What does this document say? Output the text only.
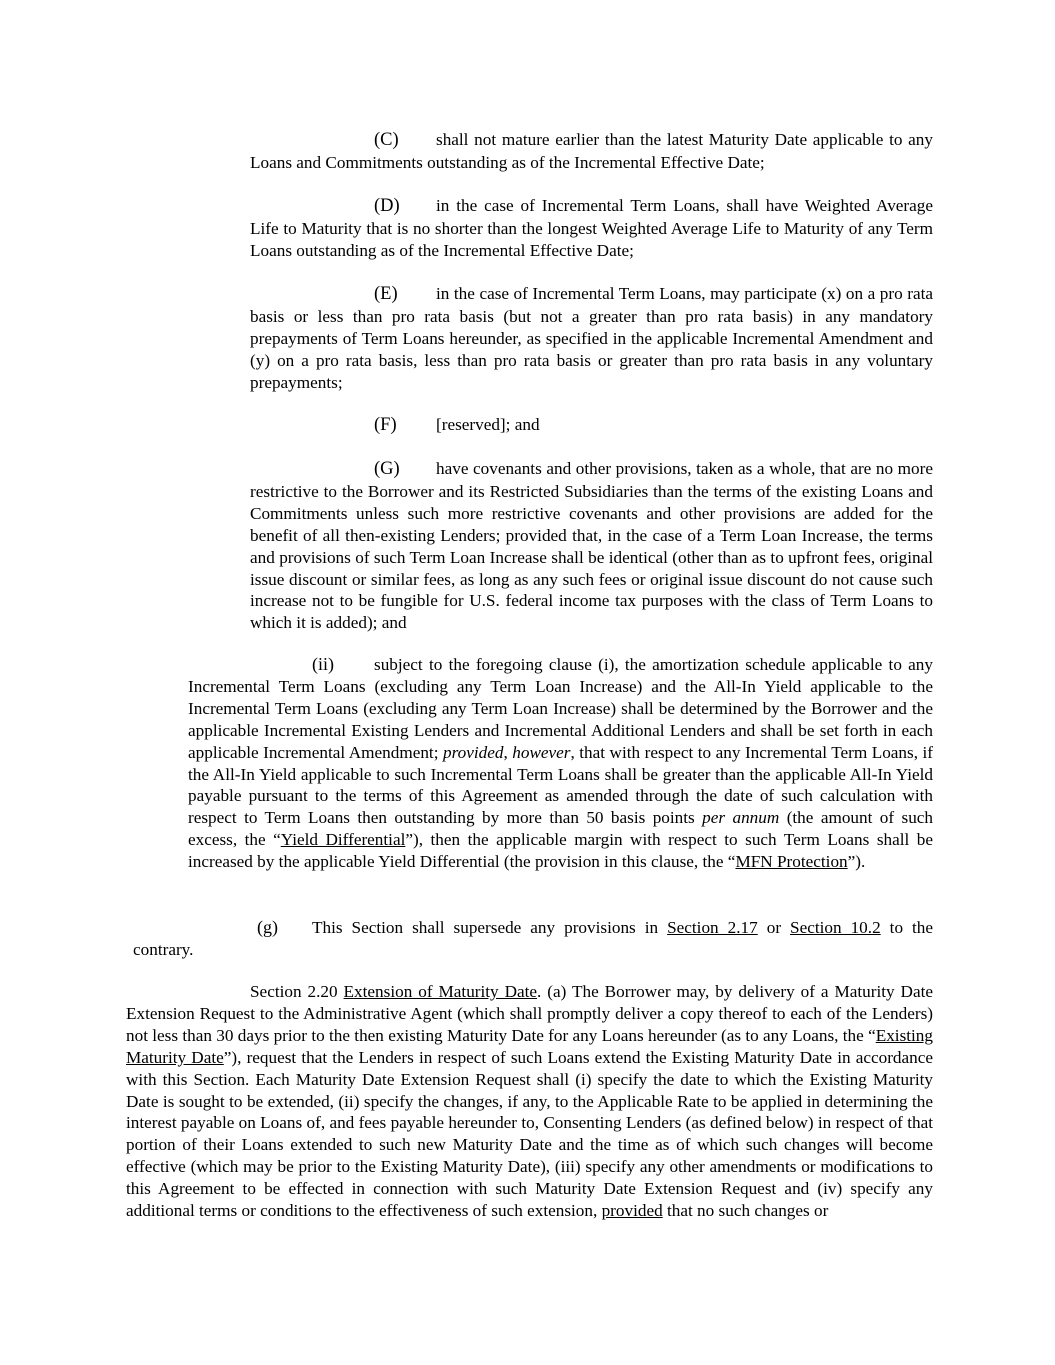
(C) shall not mature earlier than the latest Maturity Date applicable to any Loans and Commitments outstanding as of the Incremental Effective Date;

(D) in the case of Incremental Term Loans, shall have Weighted Average Life to Maturity that is no shorter than the longest Weighted Average Life to Maturity of any Term Loans outstanding as of the Incremental Effective Date;

(E) in the case of Incremental Term Loans, may participate (x) on a pro rata basis or less than pro rata basis (but not a greater than pro rata basis) in any mandatory prepayments of Term Loans hereunder, as specified in the applicable Incremental Amendment and (y) on a pro rata basis, less than pro rata basis or greater than pro rata basis in any voluntary prepayments;

(F) [reserved]; and

(G) have covenants and other provisions, taken as a whole, that are no more restrictive to the Borrower and its Restricted Subsidiaries than the terms of the existing Loans and Commitments unless such more restrictive covenants and other provisions are added for the benefit of all then-existing Lenders; provided that, in the case of a Term Loan Increase, the terms and provisions of such Term Loan Increase shall be identical (other than as to upfront fees, original issue discount or similar fees, as long as any such fees or original issue discount do not cause such increase not to be fungible for U.S. federal income tax purposes with the class of Term Loans to which it is added); and

(ii) subject to the foregoing clause (i), the amortization schedule applicable to any Incremental Term Loans (excluding any Term Loan Increase) and the All-In Yield applicable to the Incremental Term Loans (excluding any Term Loan Increase) shall be determined by the Borrower and the applicable Incremental Existing Lenders and Incremental Additional Lenders and shall be set forth in each applicable Incremental Amendment; provided, however, that with respect to any Incremental Term Loans, if the All-In Yield applicable to such Incremental Term Loans shall be greater than the applicable All-In Yield payable pursuant to the terms of this Agreement as amended through the date of such calculation with respect to Term Loans then outstanding by more than 50 basis points per annum (the amount of such excess, the “Yield Differential”), then the applicable margin with respect to such Term Loans shall be increased by the applicable Yield Differential (the provision in this clause, the “MFN Protection”).

(g) This Section shall supersede any provisions in Section 2.17 or Section 10.2 to the

contrary.

Section 2.20 Extension of Maturity Date. (a) The Borrower may, by delivery of a Maturity Date Extension Request to the Administrative Agent (which shall promptly deliver a copy thereof to each of the Lenders) not less than 30 days prior to the then existing Maturity Date for any Loans hereunder (as to any Loans, the “Existing Maturity Date”), request that the Lenders in respect of such Loans extend the Existing Maturity Date in accordance with this Section. Each Maturity Date Extension Request shall (i) specify the date to which the Existing Maturity Date is sought to be extended, (ii) specify the changes, if any, to the Applicable Rate to be applied in determining the interest payable on Loans of, and fees payable hereunder to, Consenting Lenders (as defined below) in respect of that portion of their Loans extended to such new Maturity Date and the time as of which such changes will become effective (which may be prior to the Existing Maturity Date), (iii) specify any other amendments or modifications to this Agreement to be effected in connection with such Maturity Date Extension Request and (iv) specify any additional terms or conditions to the effectiveness of such extension, provided that no such changes or
